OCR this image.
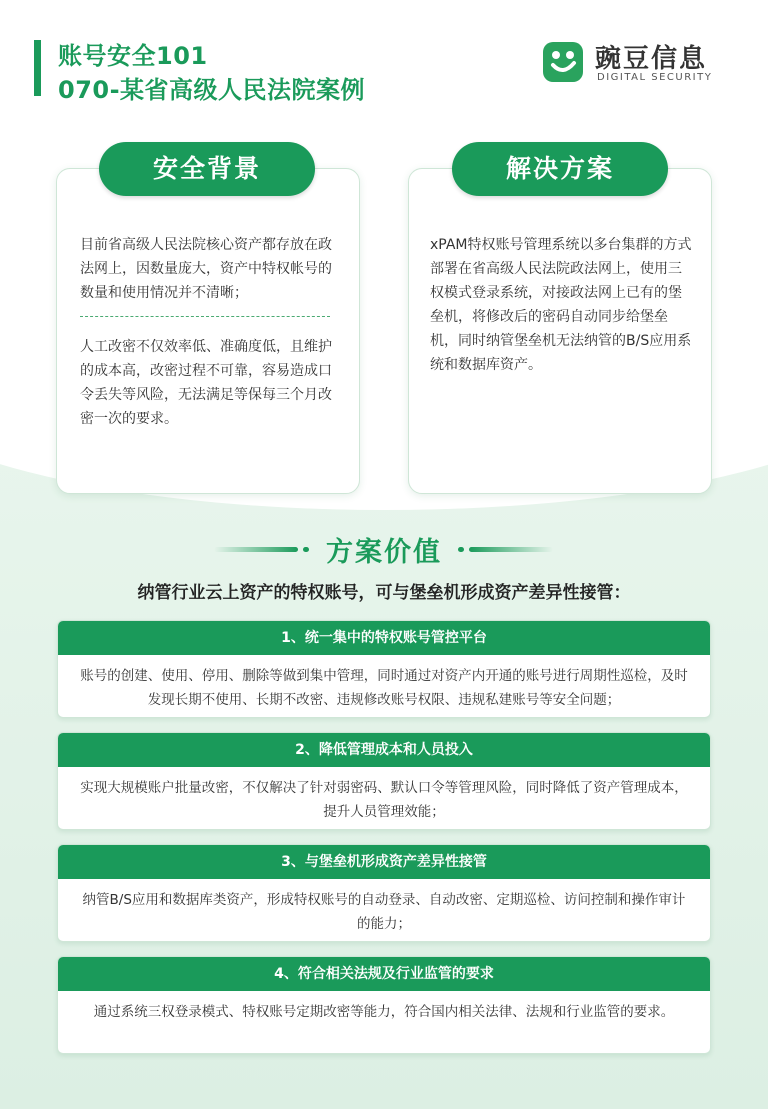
账号安全101
070-某省高级人民法院案例
豌豆信息
DIGITAL SECURITY
安全背景	解决方案
目前省高级人民法院核心资产都存放在政法网上，因数量庞大，资产中特权帐号的数量和使用情况并不清晰；
人工改密不仅效率低、准确度低，且维护的成本高，改密过程不可靠，容易造成口令丢失等风险，无法满足等保每三个月改密一次的要求。
xPAM特权账号管理系统以多台集群的方式部署在省高级人民法院政法网上，使用三权模式登录系统，对接政法网上已有的堡垒机，将修改后的密码自动同步给堡垒机，同时纳管堡垒机无法纳管的B/S应用系统和数据库资产。
方案价值
纳管行业云上资产的特权账号，可与堡垒机形成资产差异性接管：
1、统一集中的特权账号管控平台
账号的创建、使用、停用、删除等做到集中管理，同时通过对资产内开通的账号进行周期性巡检，及时发现长期不使用、长期不改密、违规修改账号权限、违规私建账号等安全问题；
2、降低管理成本和人员投入
实现大规模账户批量改密，不仅解决了针对弱密码、默认口令等管理风险，同时降低了资产管理成本，提升人员管理效能；
3、与堡垒机形成资产差异性接管
纳管B/S应用和数据库类资产，形成特权账号的自动登录、自动改密、定期巡检、访问控制和操作审计的能力；
4、符合相关法规及行业监管的要求
通过系统三权登录模式、特权账号定期改密等能力，符合国内相关法律、法规和行业监管的要求。
